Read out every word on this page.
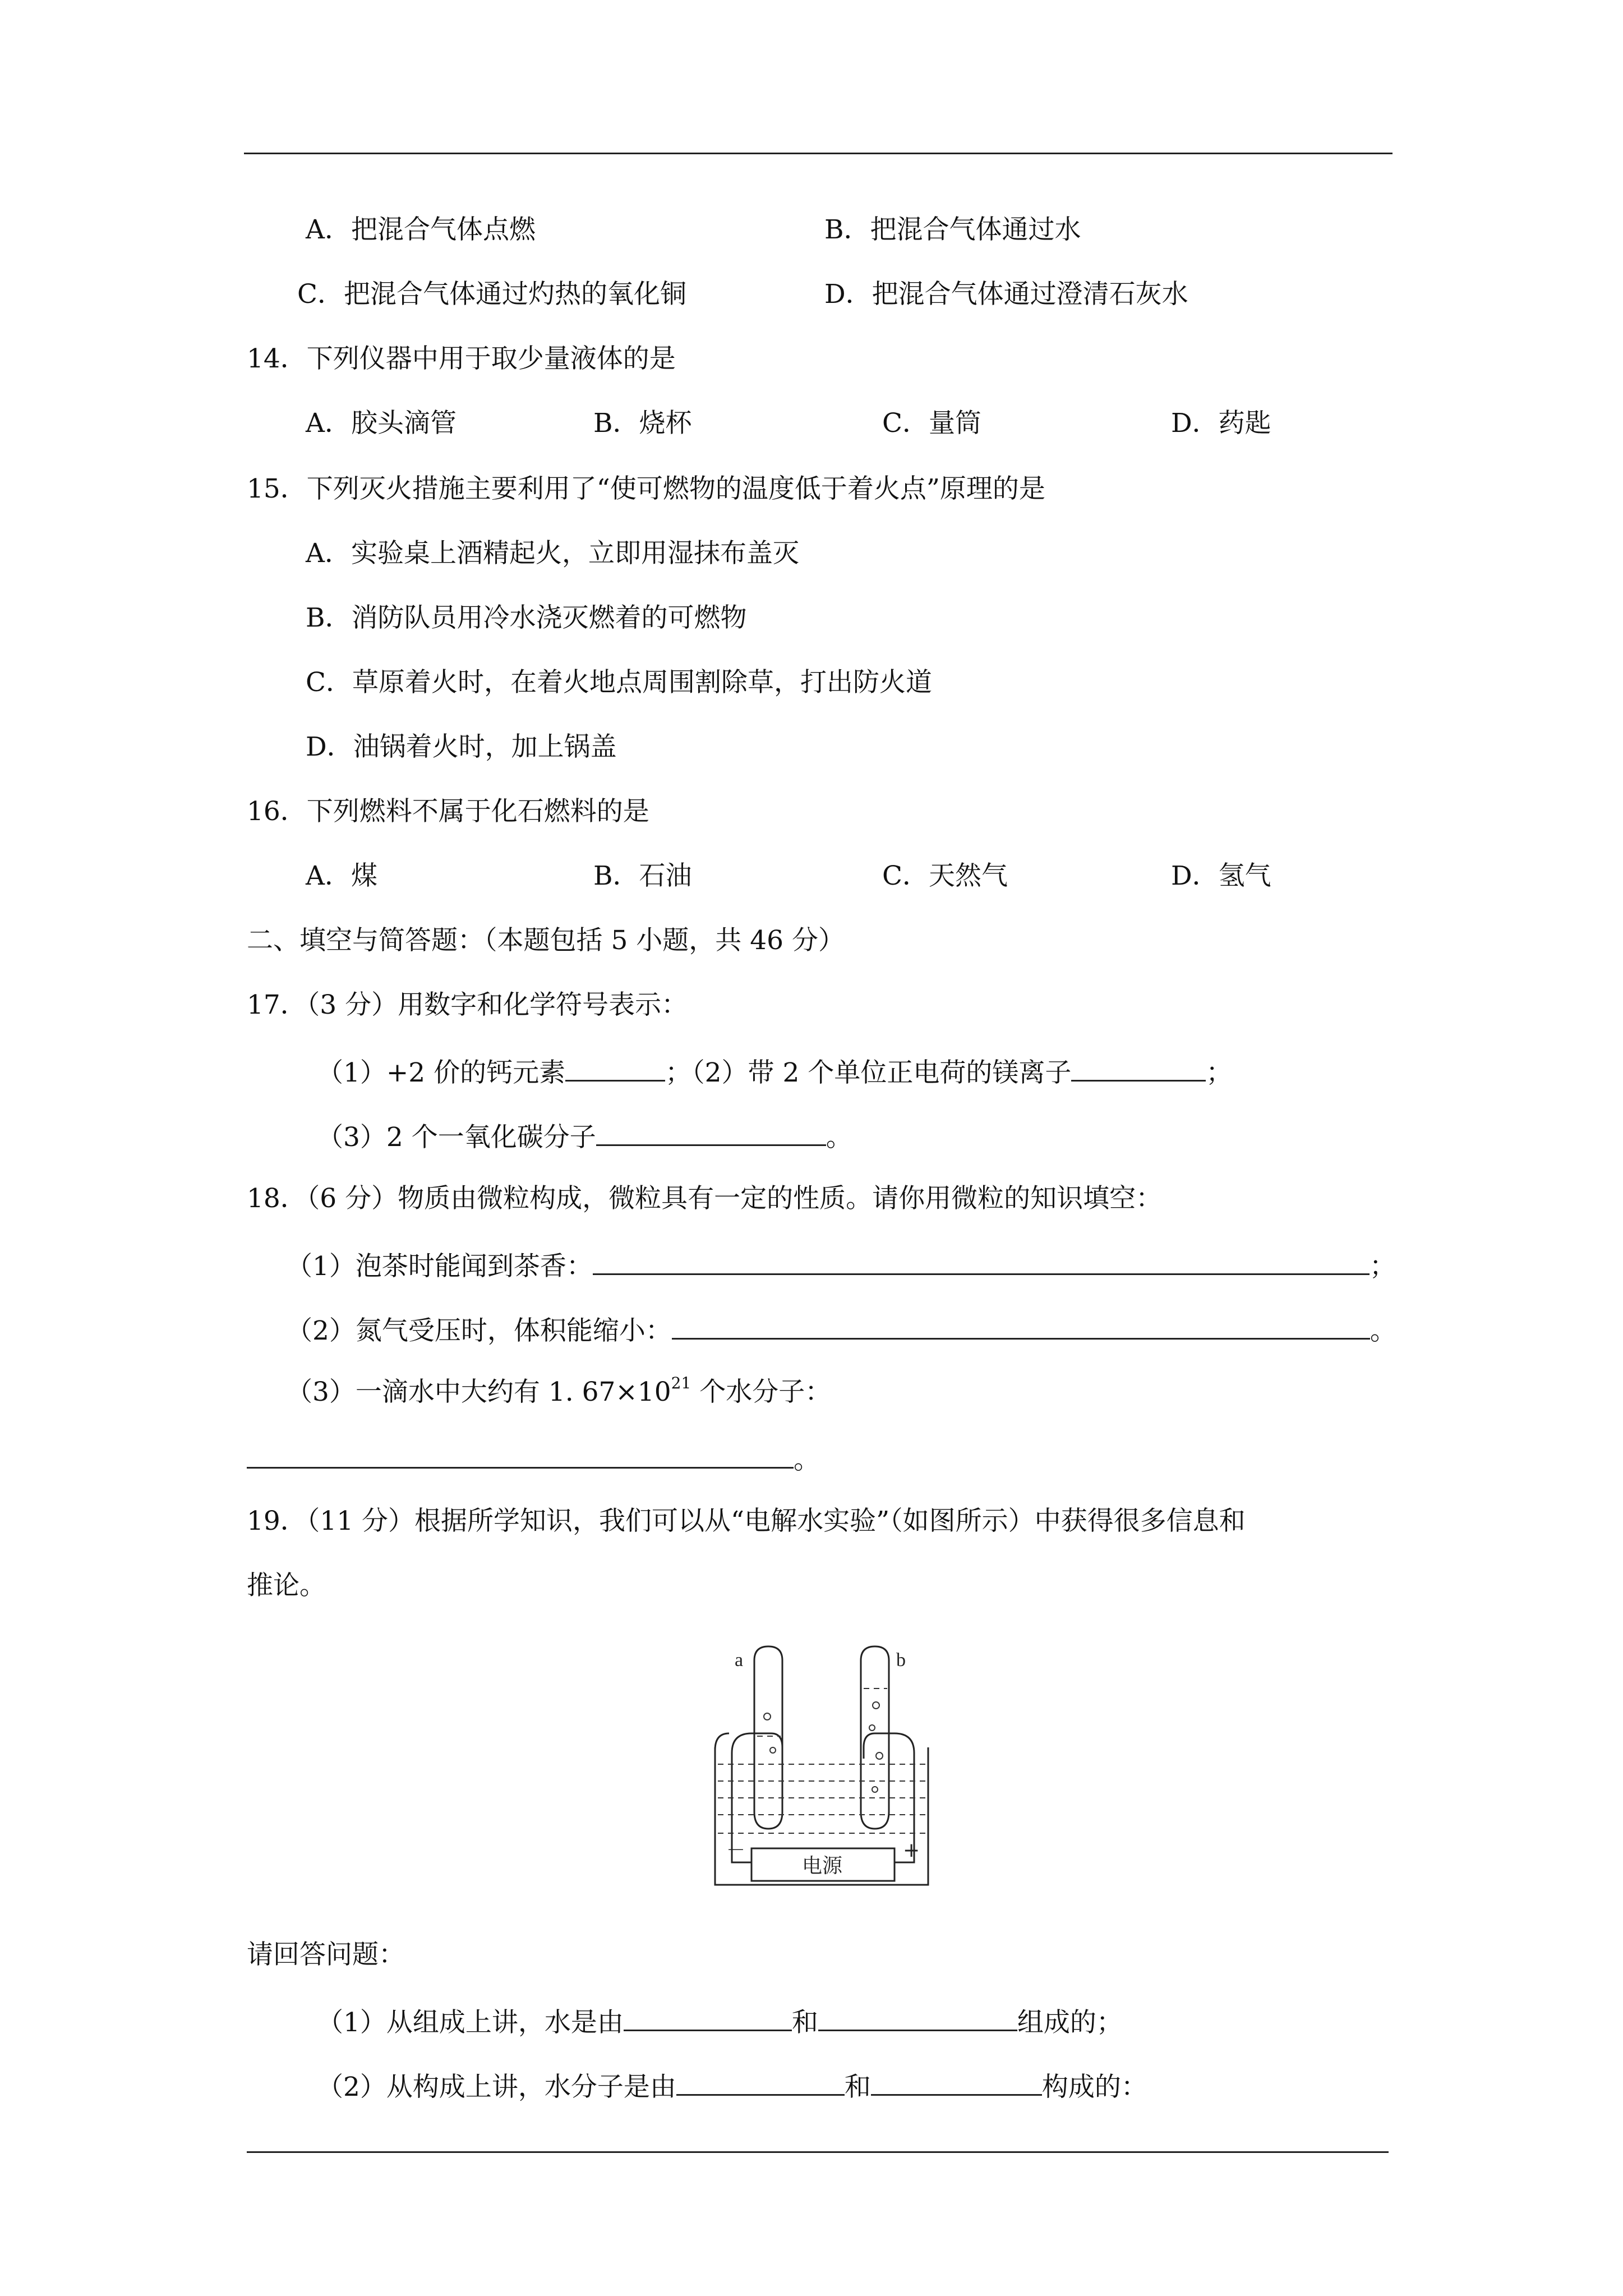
A．把混合气体点燃	B．把混合气体通过水
C．把混合气体通过灼热的氧化铜	D．把混合气体通过澄清石灰水
14．下列仪器中用于取少量液体的是
A．胶头滴管	B．烧杯	C．量筒	D．药匙
15．下列灭火措施主要利用了“使可燃物的温度低于着火点”原理的是
A．实验桌上酒精起火，立即用湿抹布盖灭
B．消防队员用冷水浇灭燃着的可燃物
C．草原着火时，在着火地点周围割除草，打出防火道
D．油锅着火时，加上锅盖
16．下列燃料不属于化石燃料的是
A．煤	B．石油	C．天然气	D．氢气
二、填空与简答题：（本题包括 5 小题，共 46 分）
17．（3 分）用数字和化学符号表示：
（1）+2 价的钙元素	；（2）带 2 个单位正电荷的镁离子	；
（3）2 个一氧化碳分子	。
18．（6 分）物质由微粒构成，微粒具有一定的性质。请你用微粒的知识填空：
（1）泡茶时能闻到茶香：	；
（2）氮气受压时，体积能缩小：	。
（3）一滴水中大约有 1. $67\times 10^{21}$ 个水分子：
。
19．（11 分）根据所学知识，我们可以从“电解水实验”（如图所示）中获得很多信息和
推论。
a	b
－	+
电源
请回答问题：
（1）从组成上讲，水是由	和	组成的；
（2）从构成上讲，水分子是由	和	构成的：
